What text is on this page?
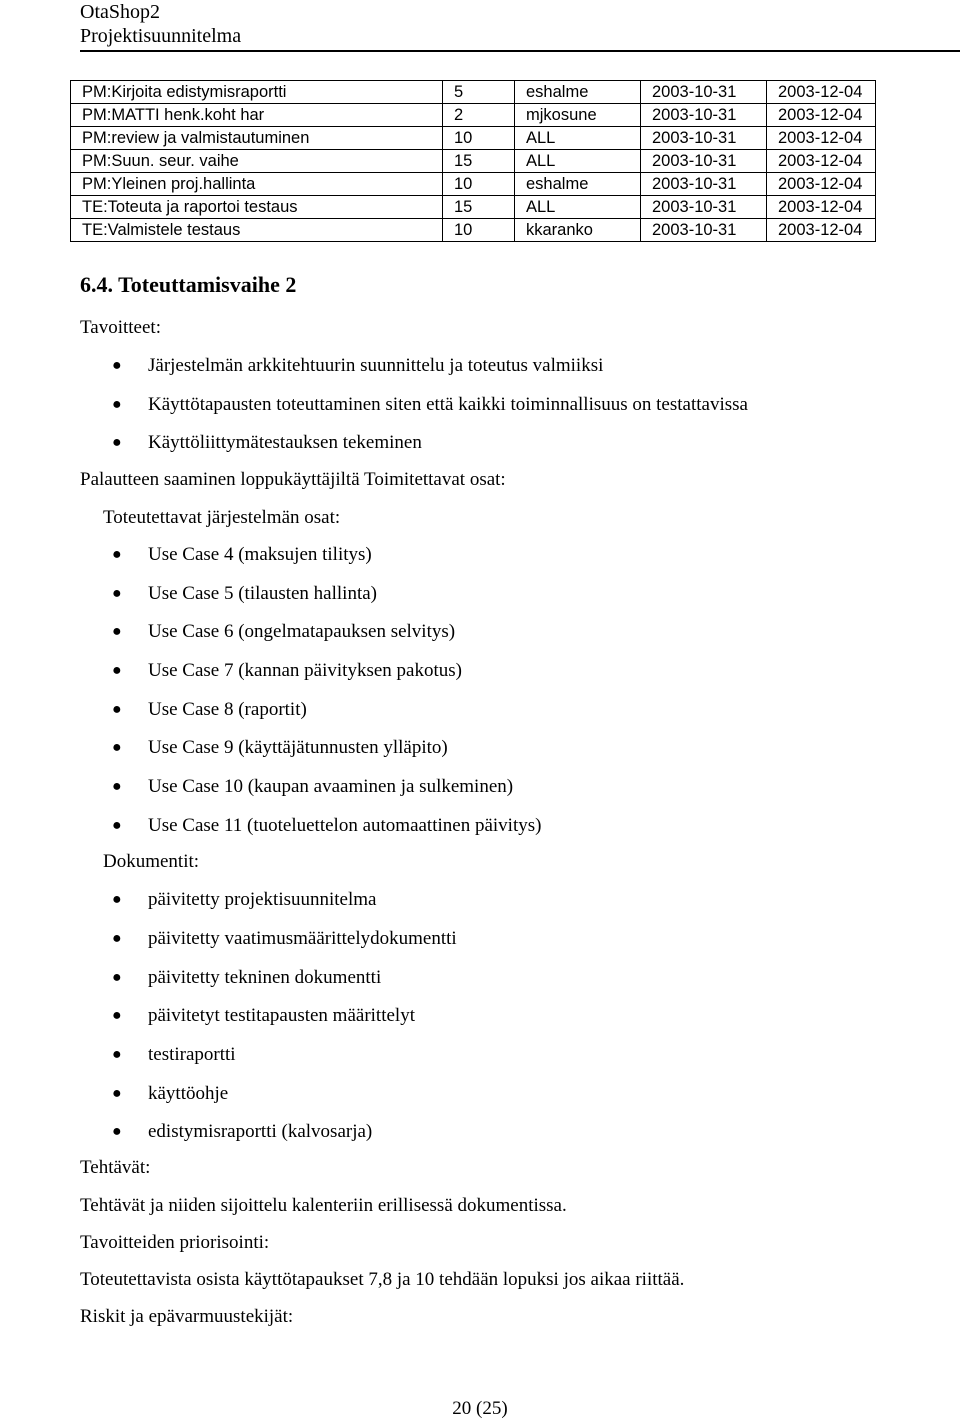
OtaShop2
Projektisuunnitelma
PM:Kirjoita edistymisraportti	5	eshalme	2003-10-31	2003-12-04
PM:MATTI henk.koht har	2	mjkosune	2003-10-31	2003-12-04
PM:review ja valmistautuminen	10	ALL	2003-10-31	2003-12-04
PM:Suun. seur. vaihe	15	ALL	2003-10-31	2003-12-04
PM:Yleinen proj.hallinta	10	eshalme	2003-10-31	2003-12-04
TE:Toteuta ja raportoi testaus	15	ALL	2003-10-31	2003-12-04
TE:Valmistele testaus	10	kkaranko	2003-10-31	2003-12-04
6.4. Toteuttamisvaihe 2
Tavoitteet:
● Järjestelmän arkkitehtuurin suunnittelu ja toteutus valmiiksi
● Käyttötapausten toteuttaminen siten että kaikki toiminnallisuus on testattavissa
● Käyttöliittymätestauksen tekeminen
Palautteen saaminen loppukäyttäjiltä Toimitettavat osat:
Toteutettavat järjestelmän osat:
● Use Case 4 (maksujen tilitys)
● Use Case 5 (tilausten hallinta)
● Use Case 6 (ongelmatapauksen selvitys)
● Use Case 7 (kannan päivityksen pakotus)
● Use Case 8 (raportit)
● Use Case 9 (käyttäjätunnusten ylläpito)
● Use Case 10 (kaupan avaaminen ja sulkeminen)
● Use Case 11 (tuoteluettelon automaattinen päivitys)
Dokumentit:
● päivitetty projektisuunnitelma
● päivitetty vaatimusmäärittelydokumentti
● päivitetty tekninen dokumentti
● päivitetyt testitapausten määrittelyt
● testiraportti
● käyttöohje
● edistymisraportti (kalvosarja)
Tehtävät:
Tehtävät ja niiden sijoittelu kalenteriin erillisessä dokumentissa.
Tavoitteiden priorisointi:
Toteutettavista osista käyttötapaukset 7,8 ja 10 tehdään lopuksi jos aikaa riittää.
Riskit ja epävarmuustekijät:
20 (25)
